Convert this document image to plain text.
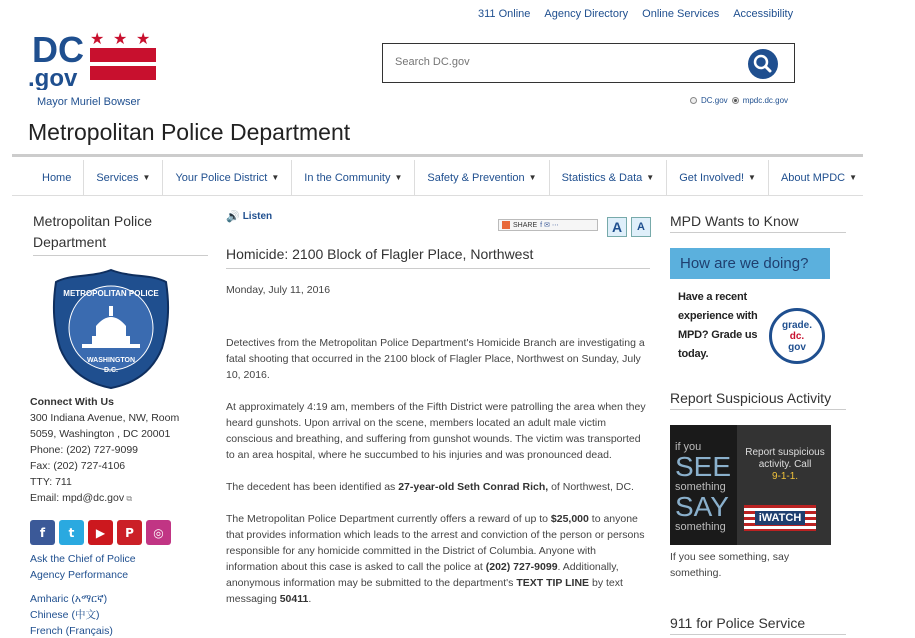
311 Online Agency Directory Online Services Accessibility
DC
.gov
★ ★ ★
Mayor Muriel Bowser
Search DC.gov	DC.gov mpdc.dc.gov
Metropolitan Police Department
Home Services ▼ Your Police District ▼ In the Community ▼ Safety & Prevention ▼ Statistics & Data ▼ Get Involved! ▼ About MPDC ▼
Metropolitan Police Department
METROPOLITAN POLICE
WASHINGTON
D.C.
Connect With Us
300 Indiana Avenue, NW, Room
5059, Washington , DC 20001
Phone: (202) 727-9099
Fax: (202) 727-4106
TTY: 711
Email: mpd@dc.gov ⧉
f	t	▶	P	◎
Ask the Chief of Police
Agency Performance
Amharic (አማርኛ)
Chinese (中文)
French (Français)
🔊 Listen
SHARE f ✉ ⋯	A	A
Homicide: 2100 Block of Flagler Place, Northwest
Monday, July 11, 2016

Detectives from the Metropolitan Police Department's Homicide Branch are investigating a fatal shooting that occurred in the 2100 block of Flagler Place, Northwest on Sunday, July 10, 2016.

At approximately 4:19 am, members of the Fifth District were patrolling the area when they heard gunshots. Upon arrival on the scene, members located an adult male victim conscious and breathing, and suffering from gunshot wounds. The victim was transported to an area hospital, where he succumbed to his injuries and was pronounced dead.

The decedent has been identified as 27-year-old Seth Conrad Rich, of Northwest, DC.

The Metropolitan Police Department currently offers a reward of up to $25,000 to anyone that provides information which leads to the arrest and conviction of the person or persons responsible for any homicide committed in the District of Columbia. Anyone with information about this case is asked to call the police at (202) 727-9099. Additionally, anonymous information may be submitted to the department's TEXT TIP LINE by text messaging 50411.

MPD Wants to Know
How are we doing?
Have a recent experience with MPD? Grade us today.
grade.
dc.
gov
Report Suspicious Activity
if you
SEE
something
SAY
something
Report suspicious activity. Call
9-1-1.
iWATCH
If you see something, say something.
911 for Police Service
